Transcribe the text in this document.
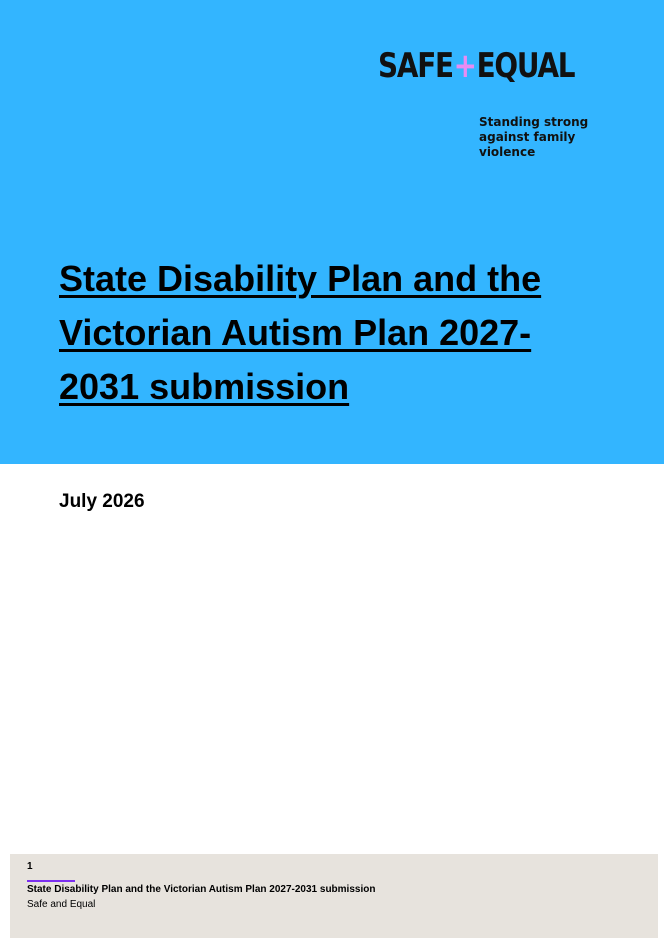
SAFE+EQUAL
Standing strong
against family
violence
State Disability Plan and the
Victorian Autism Plan 2027-
2031 submission
July 2026
1
State Disability Plan and the Victorian Autism Plan 2027-2031 submission
Safe and Equal
